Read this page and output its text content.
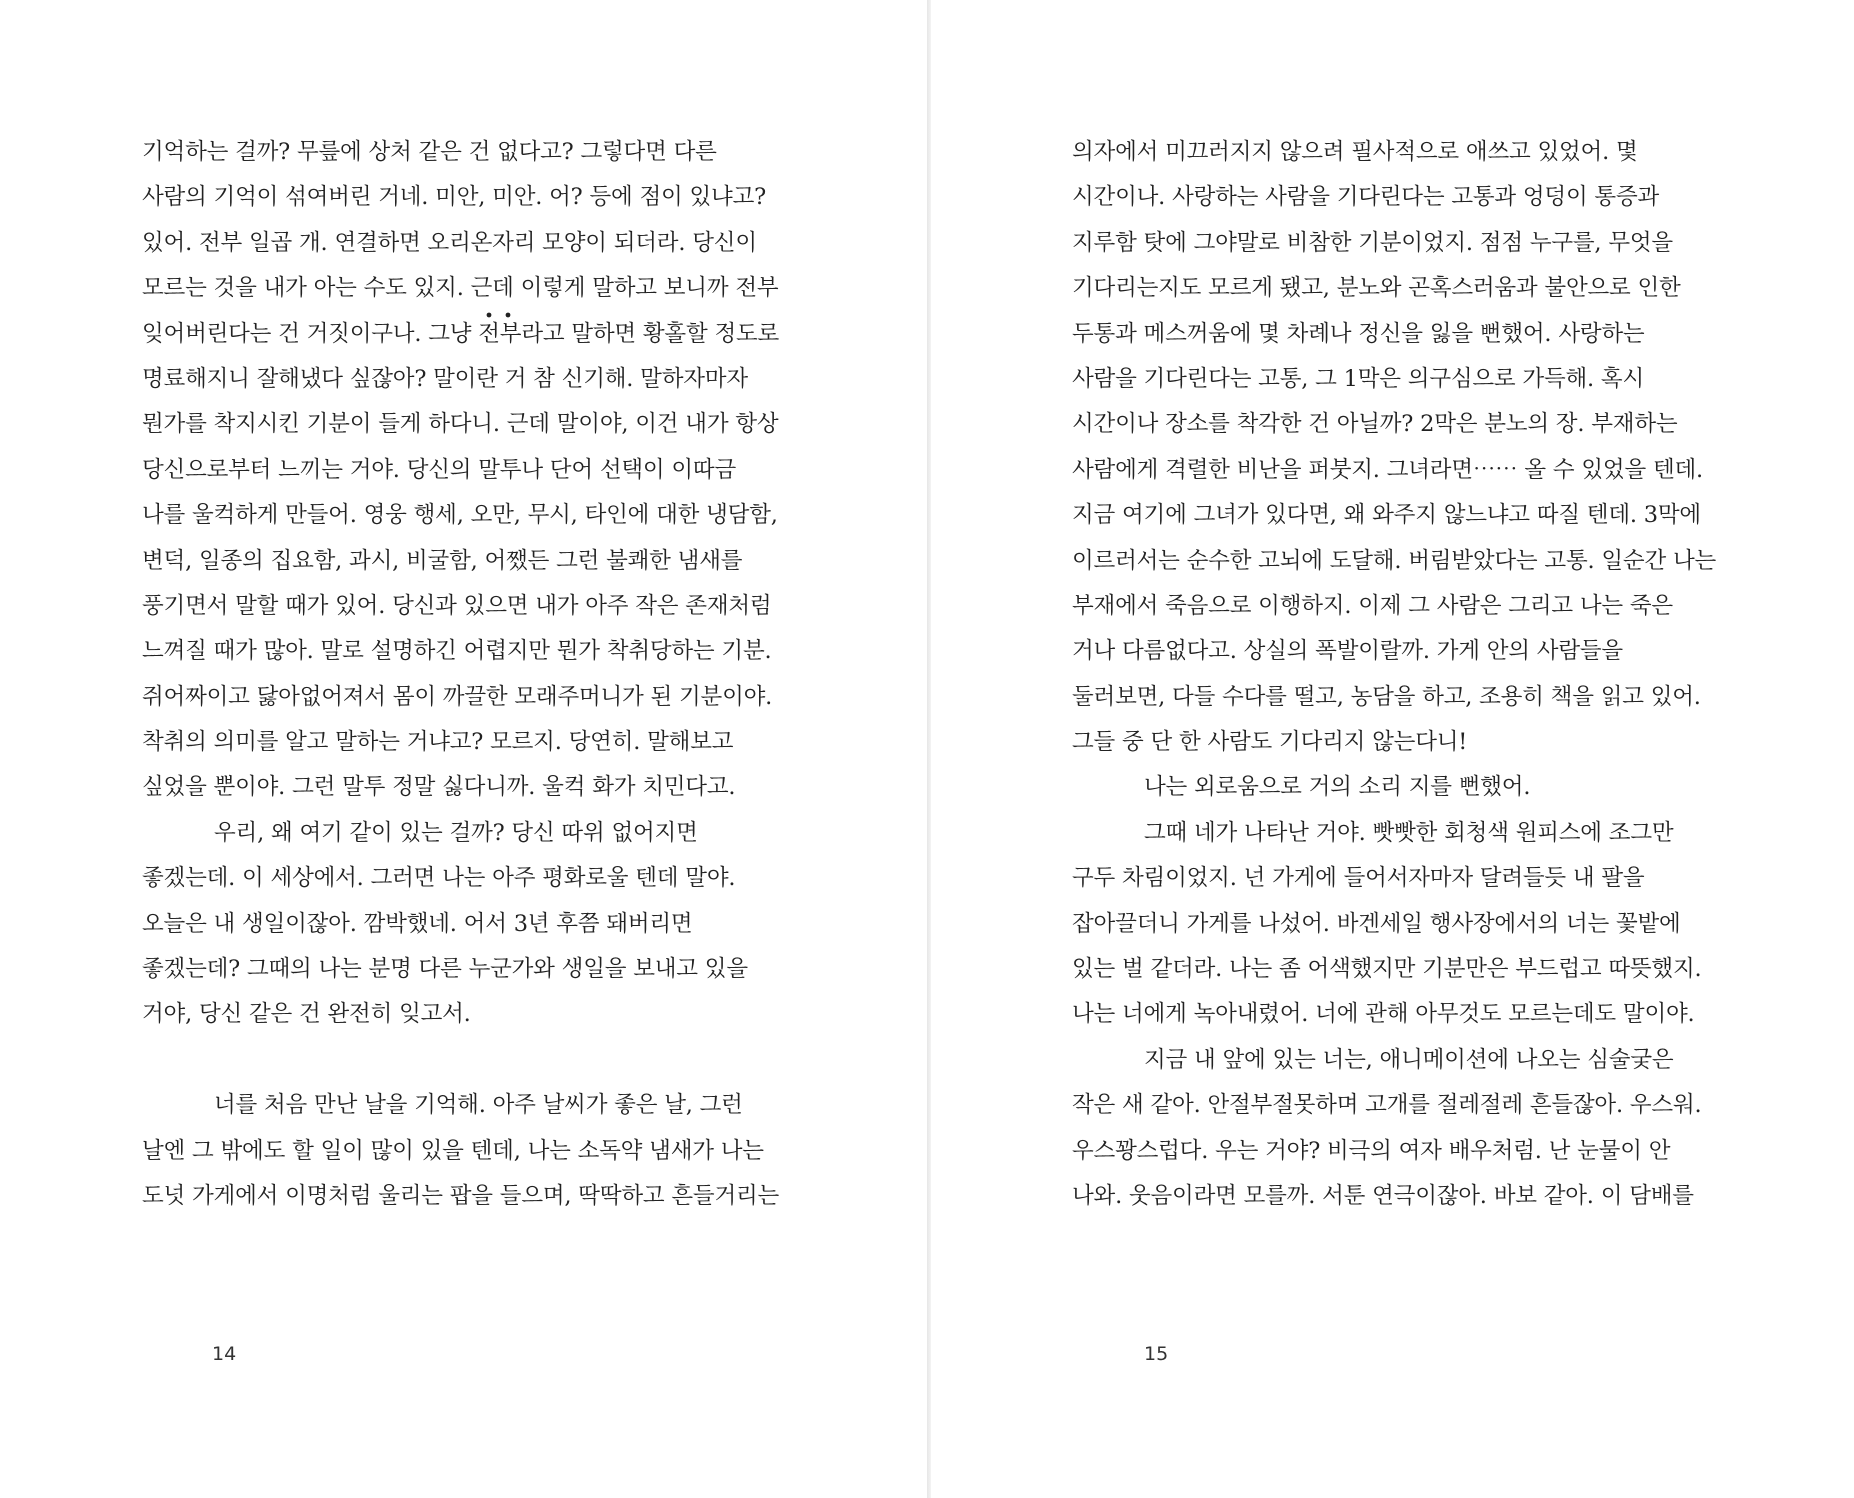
기억하는 걸까? 무릎에 상처 같은 건 없다고? 그렇다면 다른
사람의 기억이 섞여버린 거네. 미안, 미안. 어? 등에 점이 있냐고?
있어. 전부 일곱 개. 연결하면 오리온자리 모양이 되더라. 당신이
모르는 것을 내가 아는 수도 있지. 근데 이렇게 말하고 보니까 전부
잊어버린다는 건 거짓이구나. 그냥 전부라고 말하면 황홀할 정도로
명료해지니 잘해냈다 싶잖아? 말이란 거 참 신기해. 말하자마자
뭔가를 착지시킨 기분이 들게 하다니. 근데 말이야, 이건 내가 항상
당신으로부터 느끼는 거야. 당신의 말투나 단어 선택이 이따금
나를 울컥하게 만들어. 영웅 행세, 오만, 무시, 타인에 대한 냉담함,
변덕, 일종의 집요함, 과시, 비굴함, 어쨌든 그런 불쾌한 냄새를
풍기면서 말할 때가 있어. 당신과 있으면 내가 아주 작은 존재처럼
느껴질 때가 많아. 말로 설명하긴 어렵지만 뭔가 착취당하는 기분.
쥐어짜이고 닳아없어져서 몸이 까끌한 모래주머니가 된 기분이야.
착취의 의미를 알고 말하는 거냐고? 모르지. 당연히. 말해보고
싶었을 뿐이야. 그런 말투 정말 싫다니까. 울컥 화가 치민다고.
우리, 왜 여기 같이 있는 걸까? 당신 따위 없어지면
좋겠는데. 이 세상에서. 그러면 나는 아주 평화로울 텐데 말야.
오늘은 내 생일이잖아. 깜박했네. 어서 3년 후쯤 돼버리면
좋겠는데? 그때의 나는 분명 다른 누군가와 생일을 보내고 있을
거야, 당신 같은 건 완전히 잊고서.
너를 처음 만난 날을 기억해. 아주 날씨가 좋은 날, 그런
날엔 그 밖에도 할 일이 많이 있을 텐데, 나는 소독약 냄새가 나는
도넛 가게에서 이명처럼 울리는 팝을 들으며, 딱딱하고 흔들거리는
14
의자에서 미끄러지지 않으려 필사적으로 애쓰고 있었어. 몇
시간이나. 사랑하는 사람을 기다린다는 고통과 엉덩이 통증과
지루함 탓에 그야말로 비참한 기분이었지. 점점 누구를, 무엇을
기다리는지도 모르게 됐고, 분노와 곤혹스러움과 불안으로 인한
두통과 메스꺼움에 몇 차례나 정신을 잃을 뻔했어. 사랑하는
사람을 기다린다는 고통, 그 1막은 의구심으로 가득해. 혹시
시간이나 장소를 착각한 건 아닐까? 2막은 분노의 장. 부재하는
사람에게 격렬한 비난을 퍼붓지. 그녀라면⋯⋯ 올 수 있었을 텐데.
지금 여기에 그녀가 있다면, 왜 와주지 않느냐고 따질 텐데. 3막에
이르러서는 순수한 고뇌에 도달해. 버림받았다는 고통. 일순간 나는
부재에서 죽음으로 이행하지. 이제 그 사람은 그리고 나는 죽은
거나 다름없다고. 상실의 폭발이랄까. 가게 안의 사람들을
둘러보면, 다들 수다를 떨고, 농담을 하고, 조용히 책을 읽고 있어.
그들 중 단 한 사람도 기다리지 않는다니!
나는 외로움으로 거의 소리 지를 뻔했어.
그때 네가 나타난 거야. 빳빳한 회청색 원피스에 조그만
구두 차림이었지. 넌 가게에 들어서자마자 달려들듯 내 팔을
잡아끌더니 가게를 나섰어. 바겐세일 행사장에서의 너는 꽃밭에
있는 벌 같더라. 나는 좀 어색했지만 기분만은 부드럽고 따뜻했지.
나는 너에게 녹아내렸어. 너에 관해 아무것도 모르는데도 말이야.
지금 내 앞에 있는 너는, 애니메이션에 나오는 심술궂은
작은 새 같아. 안절부절못하며 고개를 절레절레 흔들잖아. 우스워.
우스꽝스럽다. 우는 거야? 비극의 여자 배우처럼. 난 눈물이 안
나와. 웃음이라면 모를까. 서툰 연극이잖아. 바보 같아. 이 담배를
15
